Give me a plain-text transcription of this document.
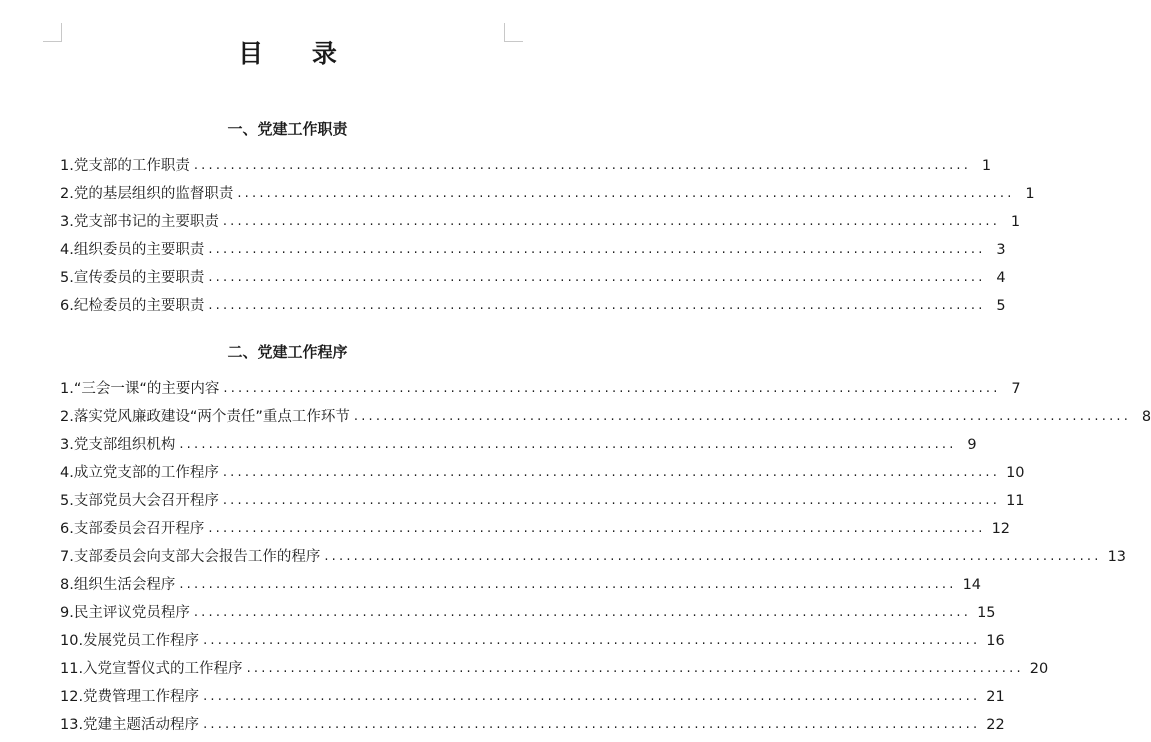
目 录
一、党建工作职责
1.党支部的工作职责 .......................................................................................................... 1
2.党的基层组织的监督职责 .......................................................................................................... 1
3.党支部书记的主要职责 .......................................................................................................... 1
4.组织委员的主要职责 .......................................................................................................... 3
5.宣传委员的主要职责 .......................................................................................................... 4
6.纪检委员的主要职责 .......................................................................................................... 5
二、党建工作程序
1.“三会一课“的主要内容 .......................................................................................................... 7
2.落实党风廉政建设“两个责任”重点工作环节 .......................................................................................................... 8
3.党支部组织机构 .......................................................................................................... 9
4.成立党支部的工作程序 .......................................................................................................... 10
5.支部党员大会召开程序 .......................................................................................................... 11
6.支部委员会召开程序 .......................................................................................................... 12
7.支部委员会向支部大会报告工作的程序 .......................................................................................................... 13
8.组织生活会程序 .......................................................................................................... 14
9.民主评议党员程序 .......................................................................................................... 15
10.发展党员工作程序 .......................................................................................................... 16
11.入党宣誓仪式的工作程序 .......................................................................................................... 20
12.党费管理工作程序 .......................................................................................................... 21
13.党建主题活动程序 .......................................................................................................... 22
